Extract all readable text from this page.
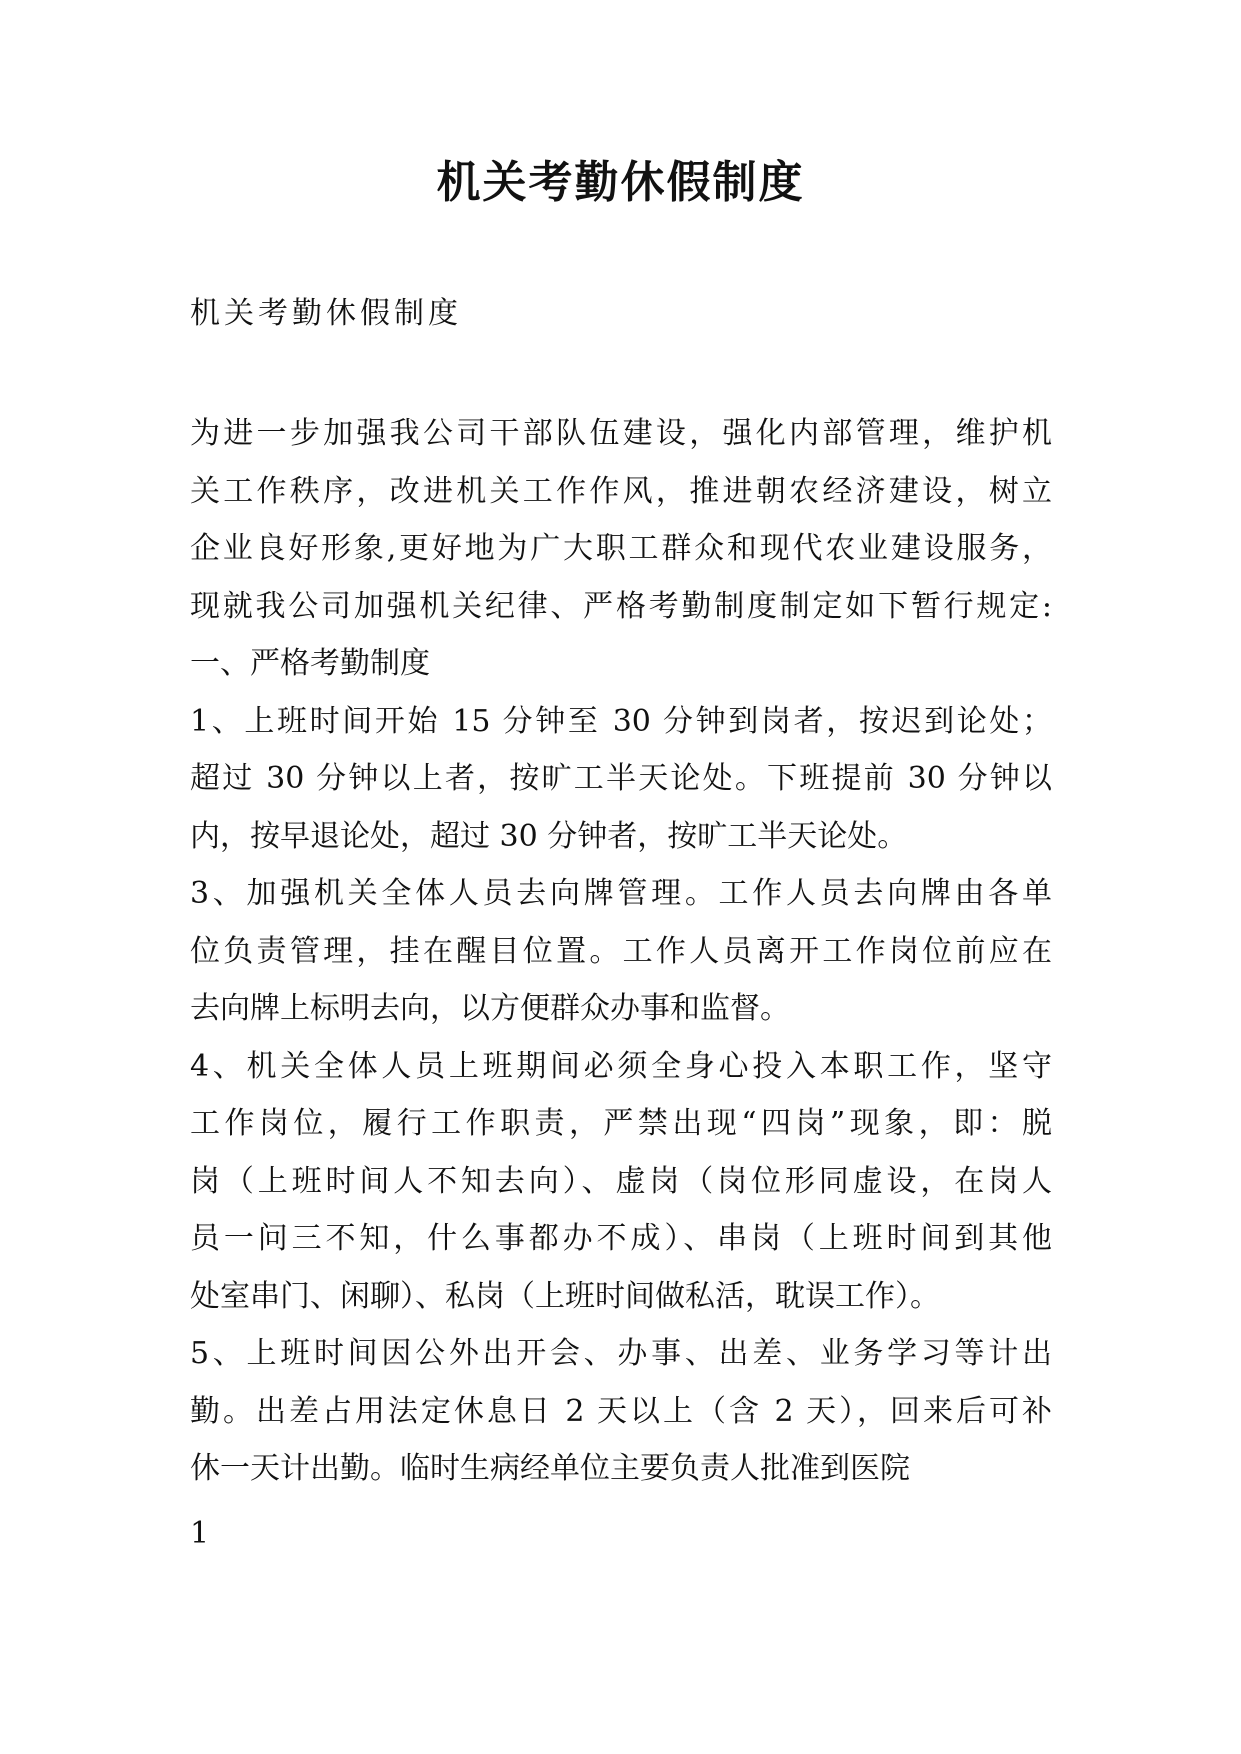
机关考勤休假制度
机关考勤休假制度
为进一步加强我公司干部队伍建设，强化内部管理，维护机
关工作秩序，改进机关工作作风，推进朝农经济建设，树立
企业良好形象,更好地为广大职工群众和现代农业建设服务，
现就我公司加强机关纪律、严格考勤制度制定如下暂行规定:
一、严格考勤制度
1、上班时间开始 15 分钟至 30 分钟到岗者，按迟到论处；
超过 30 分钟以上者，按旷工半天论处。下班提前 30 分钟以
内，按早退论处，超过 30 分钟者，按旷工半天论处。
3、加强机关全体人员去向牌管理。工作人员去向牌由各单
位负责管理，挂在醒目位置。工作人员离开工作岗位前应在
去向牌上标明去向，以方便群众办事和监督。
4、机关全体人员上班期间必须全身心投入本职工作，坚守
工作岗位，履行工作职责，严禁出现“四岗”现象，即：脱
岗（上班时间人不知去向）、虚岗（岗位形同虚设，在岗人
员一问三不知，什么事都办不成）、串岗（上班时间到其他
处室串门、闲聊）、私岗（上班时间做私活，耽误工作）。
5、上班时间因公外出开会、办事、出差、业务学习等计出
勤。出差占用法定休息日 2 天以上（含 2 天），回来后可补
休一天计出勤。临时生病经单位主要负责人批准到医院
1
